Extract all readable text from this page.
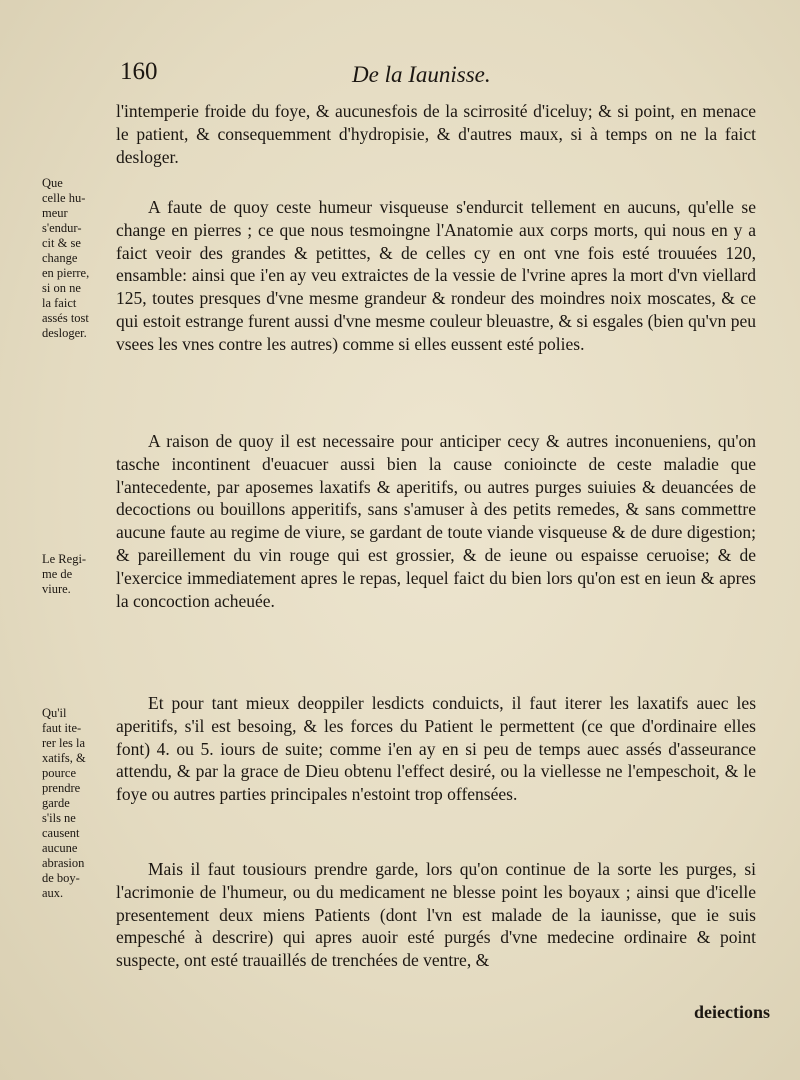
160	De la Iaunisse.
Que
celle hu-
meur
s'endur-
cit & se
change
en pierre,
si on ne
la faict
assés tost
desloger.
Le Regi-
me de
viure.
Qu'il
faut ite-
rer les la
xatifs, &
pource
prendre
garde
s'ils ne
causent
aucune
abrasion
de boy-
aux.

l'intemperie froide du foye, & aucunesfois de la scirrosité d'iceluy; & si point, en menace le patient, & consequemment d'hydropisie, & d'autres maux, si à temps on ne la faict desloger.

A faute de quoy ceste humeur visqueuse s'endurcit tellement en aucuns, qu'elle se change en pierres ; ce que nous tesmoingne l'Anatomie aux corps morts, qui nous en y a faict veoir des grandes & petittes, & de celles cy en ont vne fois esté trouuées 120, ensamble: ainsi que i'en ay veu extraictes de la vessie de l'vrine apres la mort d'vn viellard 125, toutes presques d'vne mesme grandeur & rondeur des moindres noix moscates, & ce qui estoit estrange furent aussi d'vne mesme couleur bleuastre, & si esgales (bien qu'vn peu vsees les vnes contre les autres) comme si elles eussent esté polies.

A raison de quoy il est necessaire pour anticiper cecy & autres inconueniens, qu'on tasche incontinent d'euacuer aussi bien la cause conioincte de ceste maladie que l'antecedente, par aposemes laxatifs & aperitifs, ou autres purges suiuies & deuancées de decoctions ou bouillons apperitifs, sans s'amuser à des petits remedes, & sans commettre aucune faute au regime de viure, se gardant de toute viande visqueuse & de dure digestion; & pareillement du vin rouge qui est grossier, & de ieune ou espaisse ceruoise; & de l'exercice immediatement apres le repas, lequel faict du bien lors qu'on est en ieun & apres la concoction acheuée.

Et pour tant mieux deoppiler lesdicts conduicts, il faut iterer les laxatifs auec les aperitifs, s'il est besoing, & les forces du Patient le permettent (ce que d'ordinaire elles font) 4. ou 5. iours de suite; comme i'en ay en si peu de temps auec assés d'asseurance attendu, & par la grace de Dieu obtenu l'effect desiré, ou la viellesse ne l'empeschoit, & le foye ou autres parties principales n'estoint trop offensées.

Mais il faut tousiours prendre garde, lors qu'on continue de la sorte les purges, si l'acrimonie de l'humeur, ou du medicament ne blesse point les boyaux ; ainsi que d'icelle presentement deux miens Patients (dont l'vn est malade de la iaunisse, que ie suis empesché à descrire) qui apres auoir esté purgés d'vne medecine ordinaire & point suspecte, ont esté trauaillés de trenchées de ventre, &

deiections
